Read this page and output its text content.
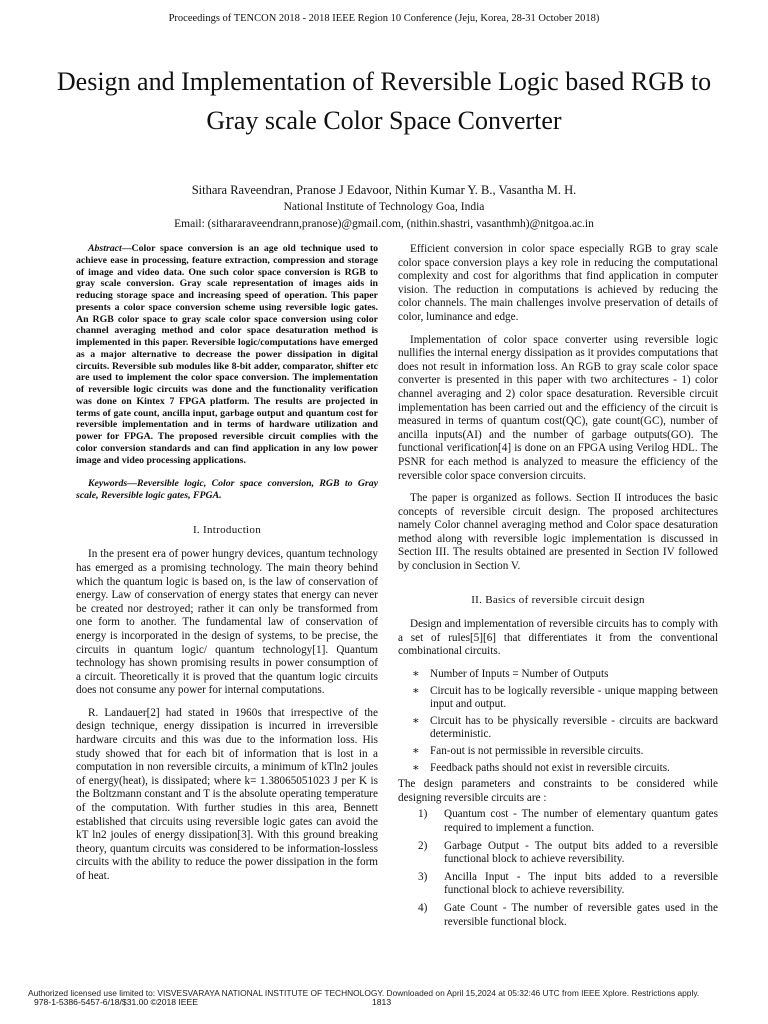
Proceedings of TENCON 2018 - 2018 IEEE Region 10 Conference (Jeju, Korea, 28-31 October 2018)
Design and Implementation of Reversible Logic based RGB to Gray scale Color Space Converter
Sithara Raveendran, Pranose J Edavoor, Nithin Kumar Y. B., Vasantha M. H.
National Institute of Technology Goa, India
Email: (sithararaveendrann,pranose)@gmail.com, (nithin.shastri, vasanthmh)@nitgoa.ac.in

Abstract—Color space conversion is an age old technique used to achieve ease in processing, feature extraction, compression and storage of image and video data. One such color space conversion is RGB to gray scale conversion. Gray scale representation of images aids in reducing storage space and increasing speed of operation. This paper presents a color space conversion scheme using reversible logic gates. An RGB color space to gray scale color space conversion using color channel averaging method and color space desaturation method is implemented in this paper. Reversible logic/computations have emerged as a major alternative to decrease the power dissipation in digital circuits. Reversible sub modules like 8-bit adder, comparator, shifter etc are used to implement the color space conversion. The implementation of reversible logic circuits was done and the functionality verification was done on Kintex 7 FPGA platform. The results are projected in terms of gate count, ancilla input, garbage output and quantum cost for reversible implementation and in terms of hardware utilization and power for FPGA. The proposed reversible circuit complies with the color conversion standards and can find application in any low power image and video processing applications.

Keywords—Reversible logic, Color space conversion, RGB to Gray scale, Reversible logic gates, FPGA.

I. Introduction

In the present era of power hungry devices, quantum technology has emerged as a promising technology. The main theory behind which the quantum logic is based on, is the law of conservation of energy. Law of conservation of energy states that energy can never be created nor destroyed; rather it can only be transformed from one form to another. The fundamental law of conservation of energy is incorporated in the design of systems, to be precise, the circuits in quantum logic/ quantum technology[1]. Quantum technology has shown promising results in power consumption of a circuit. Theoretically it is proved that the quantum logic circuits does not consume any power for internal computations.

R. Landauer[2] had stated in 1960s that irrespective of the design technique, energy dissipation is incurred in irreversible hardware circuits and this was due to the information loss. His study showed that for each bit of information that is lost in a computation in non reversible circuits, a minimum of kTln2 joules of energy(heat), is dissipated; where k= 1.38065051023 J per K is the Boltzmann constant and T is the absolute operating temperature of the computation. With further studies in this area, Bennett established that circuits using reversible logic gates can avoid the kT ln2 joules of energy dissipation[3]. With this ground breaking theory, quantum circuits was considered to be information-lossless circuits with the ability to reduce the power dissipation in the form of heat.

Efficient conversion in color space especially RGB to gray scale color space conversion plays a key role in reducing the computational complexity and cost for algorithms that find application in computer vision. The reduction in computations is achieved by reducing the color channels. The main challenges involve preservation of details of color, luminance and edge.

Implementation of color space converter using reversible logic nullifies the internal energy dissipation as it provides computations that does not result in information loss. An RGB to gray scale color space converter is presented in this paper with two architectures - 1) color channel averaging and 2) color space desaturation. Reversible circuit implementation has been carried out and the efficiency of the circuit is measured in terms of quantum cost(QC), gate count(GC), number of ancilla inputs(AI) and the number of garbage outputs(GO). The functional verification[4] is done on an FPGA using Verilog HDL. The PSNR for each method is analyzed to measure the efficiency of the reversible color space conversion circuits.

The paper is organized as follows. Section II introduces the basic concepts of reversible circuit design. The proposed architectures namely Color channel averaging method and Color space desaturation method along with reversible logic implementation is discussed in Section III. The results obtained are presented in Section IV followed by conclusion in Section V.

II. Basics of reversible circuit design

Design and implementation of reversible circuits has to comply with a set of rules[5][6] that differentiates it from the conventional combinational circuits.

∗ Number of Inputs = Number of Outputs
∗ Circuit has to be logically reversible - unique mapping between input and output.
∗ Circuit has to be physically reversible - circuits are backward deterministic.
∗ Fan-out is not permissible in reversible circuits.
∗ Feedback paths should not exist in reversible circuits.

The design parameters and constraints to be considered while designing reversible circuits are :

1) Quantum cost - The number of elementary quantum gates required to implement a function.
2) Garbage Output - The output bits added to a reversible functional block to achieve reversibility.
3) Ancilla Input - The input bits added to a reversible functional block to achieve reversibility.
4) Gate Count - The number of reversible gates used in the reversible functional block.
Authorized licensed use limited to: VISVESVARAYA NATIONAL INSTITUTE OF TECHNOLOGY. Downloaded on April 15,2024 at 05:32:46 UTC from IEEE Xplore. Restrictions apply.
978-1-5386-5457-6/18/$31.00 ©2018 IEEE	1813
